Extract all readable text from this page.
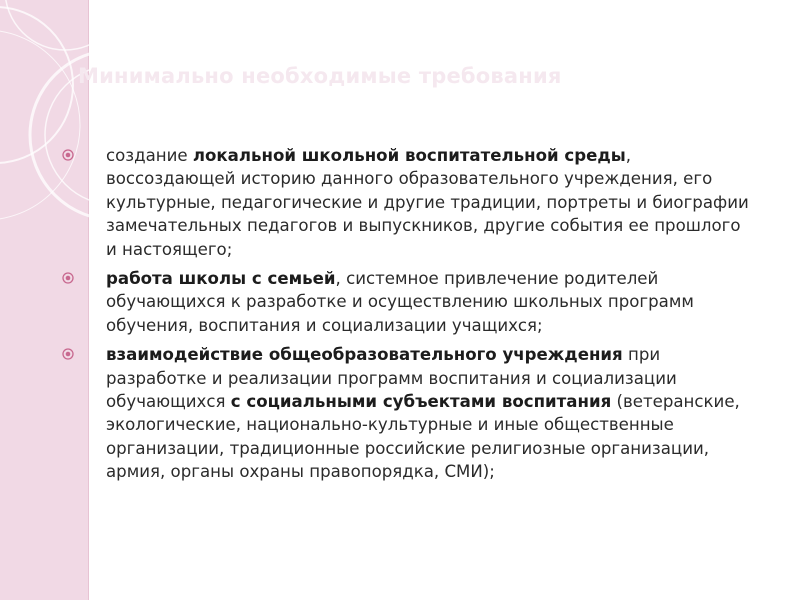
Минимально необходимые требования
создание локальной школьной воспитательной среды, воссоздающей историю данного образовательного учреждения, его культурные, педагогические и другие традиции, портреты и биографии замечательных педагогов и выпускников, другие события ее прошлого и настоящего;
работа школы с семьей, системное привлечение родителей обучающихся к разработке и осуществлению школьных программ обучения, воспитания и социализации учащихся;
взаимодействие общеобразовательного учреждения при разработке и реализации программ воспитания и социализации обучающихся с социальными субъектами воспитания (ветеранские, экологические, национально-культурные и иные общественные организации, традиционные российские религиозные организации, армия, органы охраны правопорядка, СМИ);
